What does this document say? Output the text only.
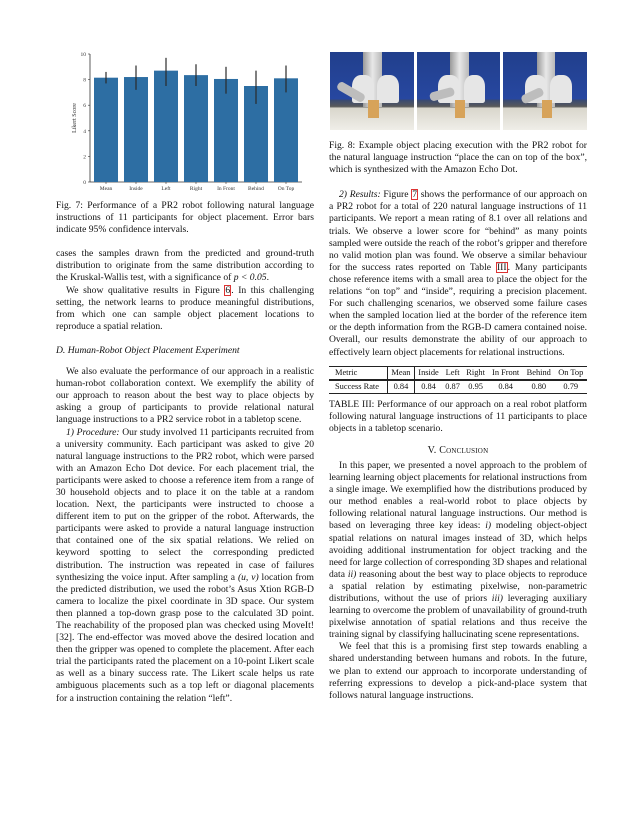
0
2
4
6
8
10
Likert Score
Mean	Inside	Left	Right	In Front Behind	On Top

Fig. 7: Performance of a PR2 robot following natural language instructions of 11 participants for object placement. Error bars indicate 95% confidence intervals.

cases the samples drawn from the predicted and ground-truth distribution to originate from the same distribution according to the Kruskal-Wallis test, with a significance of p < 0.05.

We show qualitative results in Figure 6. In this challenging setting, the network learns to produce meaningful distributions, from which one can sample object placement locations to reproduce a spatial relation.

D. Human-Robot Object Placement Experiment

We also evaluate the performance of our approach in a realistic human-robot collaboration context. We exemplify the ability of our approach to reason about the best way to place objects by asking a group of participants to provide relational natural language instructions to a PR2 service robot in a tabletop scene.

1) Procedure: Our study involved 11 participants recruited from a university community. Each participant was asked to give 20 natural language instructions to the PR2 robot, which were parsed with an Amazon Echo Dot device. For each placement trial, the participants were asked to choose a reference item from a range of 30 household objects and to place it on the table at a random location. Next, the participants were instructed to choose a different item to put on the gripper of the robot. Afterwards, the participants were asked to provide a natural language instruction that contained one of the six spatial relations. We relied on keyword spotting to select the corresponding predicted distribution. The instruction was repeated in case of failures synthesizing the voice input. After sampling a (u, v) location from the predicted distribution, we used the robot’s Asus Xtion RGB-D camera to localize the pixel coordinate in 3D space. Our system then planned a top-down grasp pose to the calculated 3D point. The reachability of the proposed plan was checked using MoveIt! [32]. The end-effector was moved above the desired location and then the gripper was opened to complete the placement. After each trial the participants rated the placement on a 10-point Likert scale as well as a binary success rate. The Likert scale helps us rate ambiguous placements such as a top left or diagonal placements for a instruction containing the relation “left”.

Fig. 8: Example object placing execution with the PR2 robot for the natural language instruction “place the can on top of the box”, which is synthesized with the Amazon Echo Dot.

2) Results: Figure 7 shows the performance of our approach on a PR2 robot for a total of 220 natural language instructions of 11 participants. We report a mean rating of 8.1 over all relations and trials. We observe a lower score for “behind” as many points sampled were outside the reach of the robot’s gripper and therefore no valid motion plan was found. We observe a similar behaviour for the success rates reported on Table III. Many participants chose reference items with a small area to place the object for the relations “on top” and “inside”, requiring a precision placement. For such challenging scenarios, we observed some failure cases when the sampled location lied at the border of the reference item or the depth information from the RGB-D camera contained noise. Overall, our results demonstrate the ability of our approach to effectively learn object placements for relational instructions.

Metric	Mean	Inside	Left	Right	In Front	Behind	On Top
Success Rate	0.84	0.84	0.87	0.95	0.84	0.80	0.79

TABLE III: Performance of our approach on a real robot platform following natural language instructions of 11 participants to place objects in a tabletop scenario.

V. Conclusion

In this paper, we presented a novel approach to the problem of learning learning object placements for relational instructions from a single image. We exemplified how the distributions produced by our method enables a real-world robot to place objects by following relational natural language instructions. Our method is based on leveraging three key ideas: i) modeling object-object spatial relations on natural images instead of 3D, which helps avoiding additional instrumentation for object tracking and the need for large collection of corresponding 3D shapes and relational data ii) reasoning about the best way to place objects to reproduce a spatial relation by estimating pixelwise, non-parametric distributions, without the use of priors iii) leveraging auxiliary learning to overcome the problem of unavailability of ground-truth pixelwise annotation of spatial relations and thus receive the training signal by classifying hallucinating scene representations.

We feel that this is a promising first step towards enabling a shared understanding between humans and robots. In the future, we plan to extend our approach to incorporate understanding of referring expressions to develop a pick-and-place system that follows natural language instructions.
